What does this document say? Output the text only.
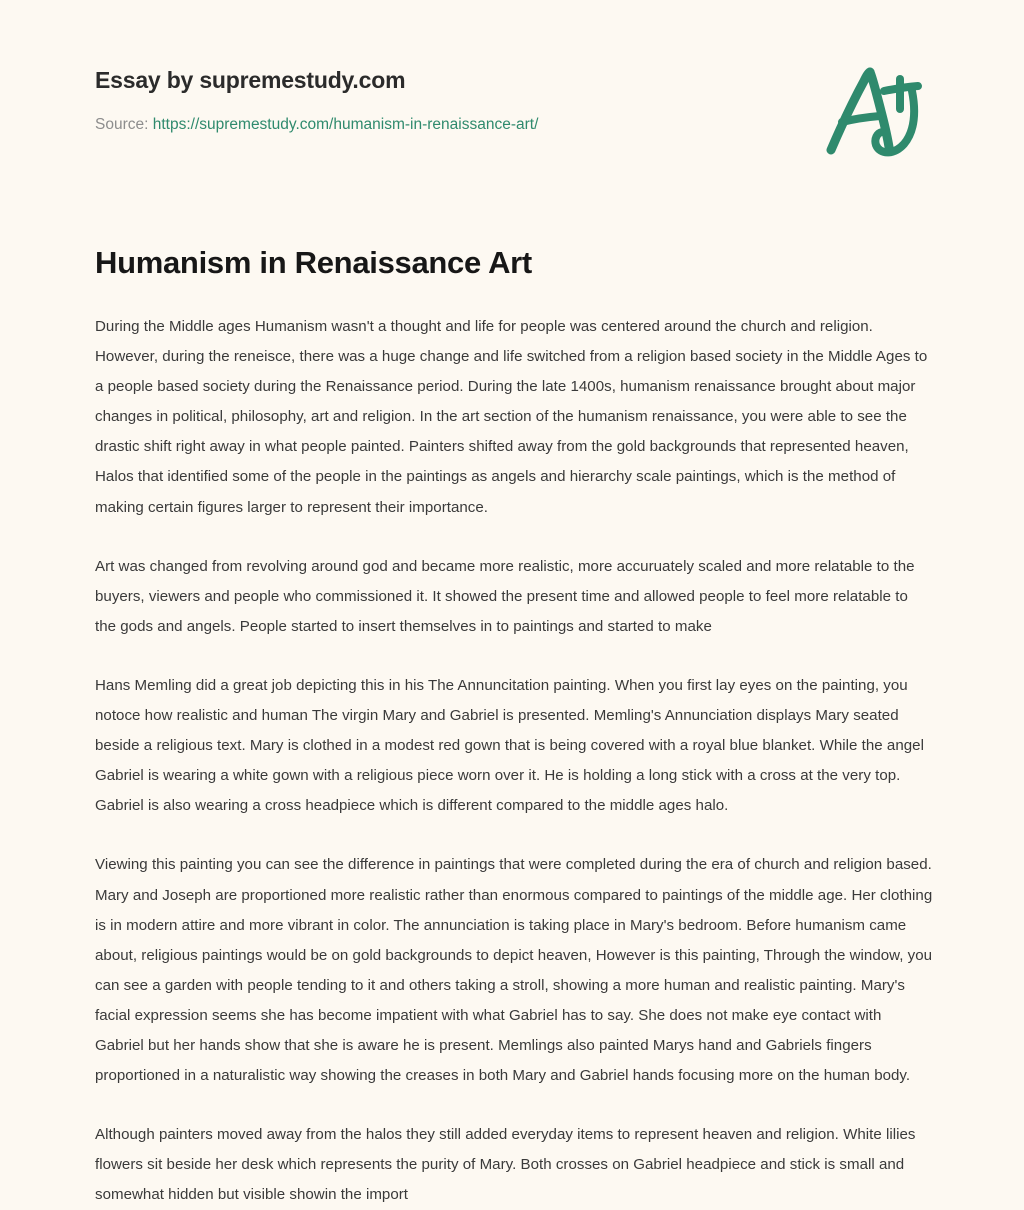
Essay by supremestudy.com
Source: https://supremestudy.com/humanism-in-renaissance-art/
Humanism in Renaissance Art

During the Middle ages Humanism wasn't a thought and life for people was centered around the church and religion. However, during the reneisce, there was a huge change and life switched from a religion based society in the Middle Ages to a people based society during the Renaissance period. During the late 1400s, humanism renaissance brought about major changes in political, philosophy, art and religion. In the art section of the humanism renaissance, you were able to see the drastic shift right away in what people painted. Painters shifted away from the gold backgrounds that represented heaven, Halos that identified some of the people in the paintings as angels and hierarchy scale paintings, which is the method of making certain figures larger to represent their importance.

Art was changed from revolving around god and became more realistic, more accuruately scaled and more relatable to the buyers, viewers and people who commissioned it. It showed the present time and allowed people to feel more relatable to the gods and angels. People started to insert themselves in to paintings and started to make

Hans Memling did a great job depicting this in his The Annuncitation painting. When you first lay eyes on the painting, you notoce how realistic and human The virgin Mary and Gabriel is presented. Memling's Annunciation displays Mary seated beside a religious text. Mary is clothed in a modest red gown that is being covered with a royal blue blanket. While the angel Gabriel is wearing a white gown with a religious piece worn over it. He is holding a long stick with a cross at the very top. Gabriel is also wearing a cross headpiece which is different compared to the middle ages halo.

Viewing this painting you can see the difference in paintings that were completed during the era of church and religion based. Mary and Joseph are proportioned more realistic rather than enormous compared to paintings of the middle age. Her clothing is in modern attire and more vibrant in color. The annunciation is taking place in Mary's bedroom. Before humanism came about, religious paintings would be on gold backgrounds to depict heaven, However is this painting, Through the window, you can see a garden with people tending to it and others taking a stroll, showing a more human and realistic painting. Mary's facial expression seems she has become impatient with what Gabriel has to say. She does not make eye contact with Gabriel but her hands show that she is aware he is present. Memlings also painted Marys hand and Gabriels fingers proportioned in a naturalistic way showing the creases in both Mary and Gabriel hands focusing more on the human body.

Although painters moved away from the halos they still added everyday items to represent heaven and religion. White lilies flowers sit beside her desk which represents the purity of Mary. Both crosses on Gabriel headpiece and stick is small and somewhat hidden but visible showin the import
